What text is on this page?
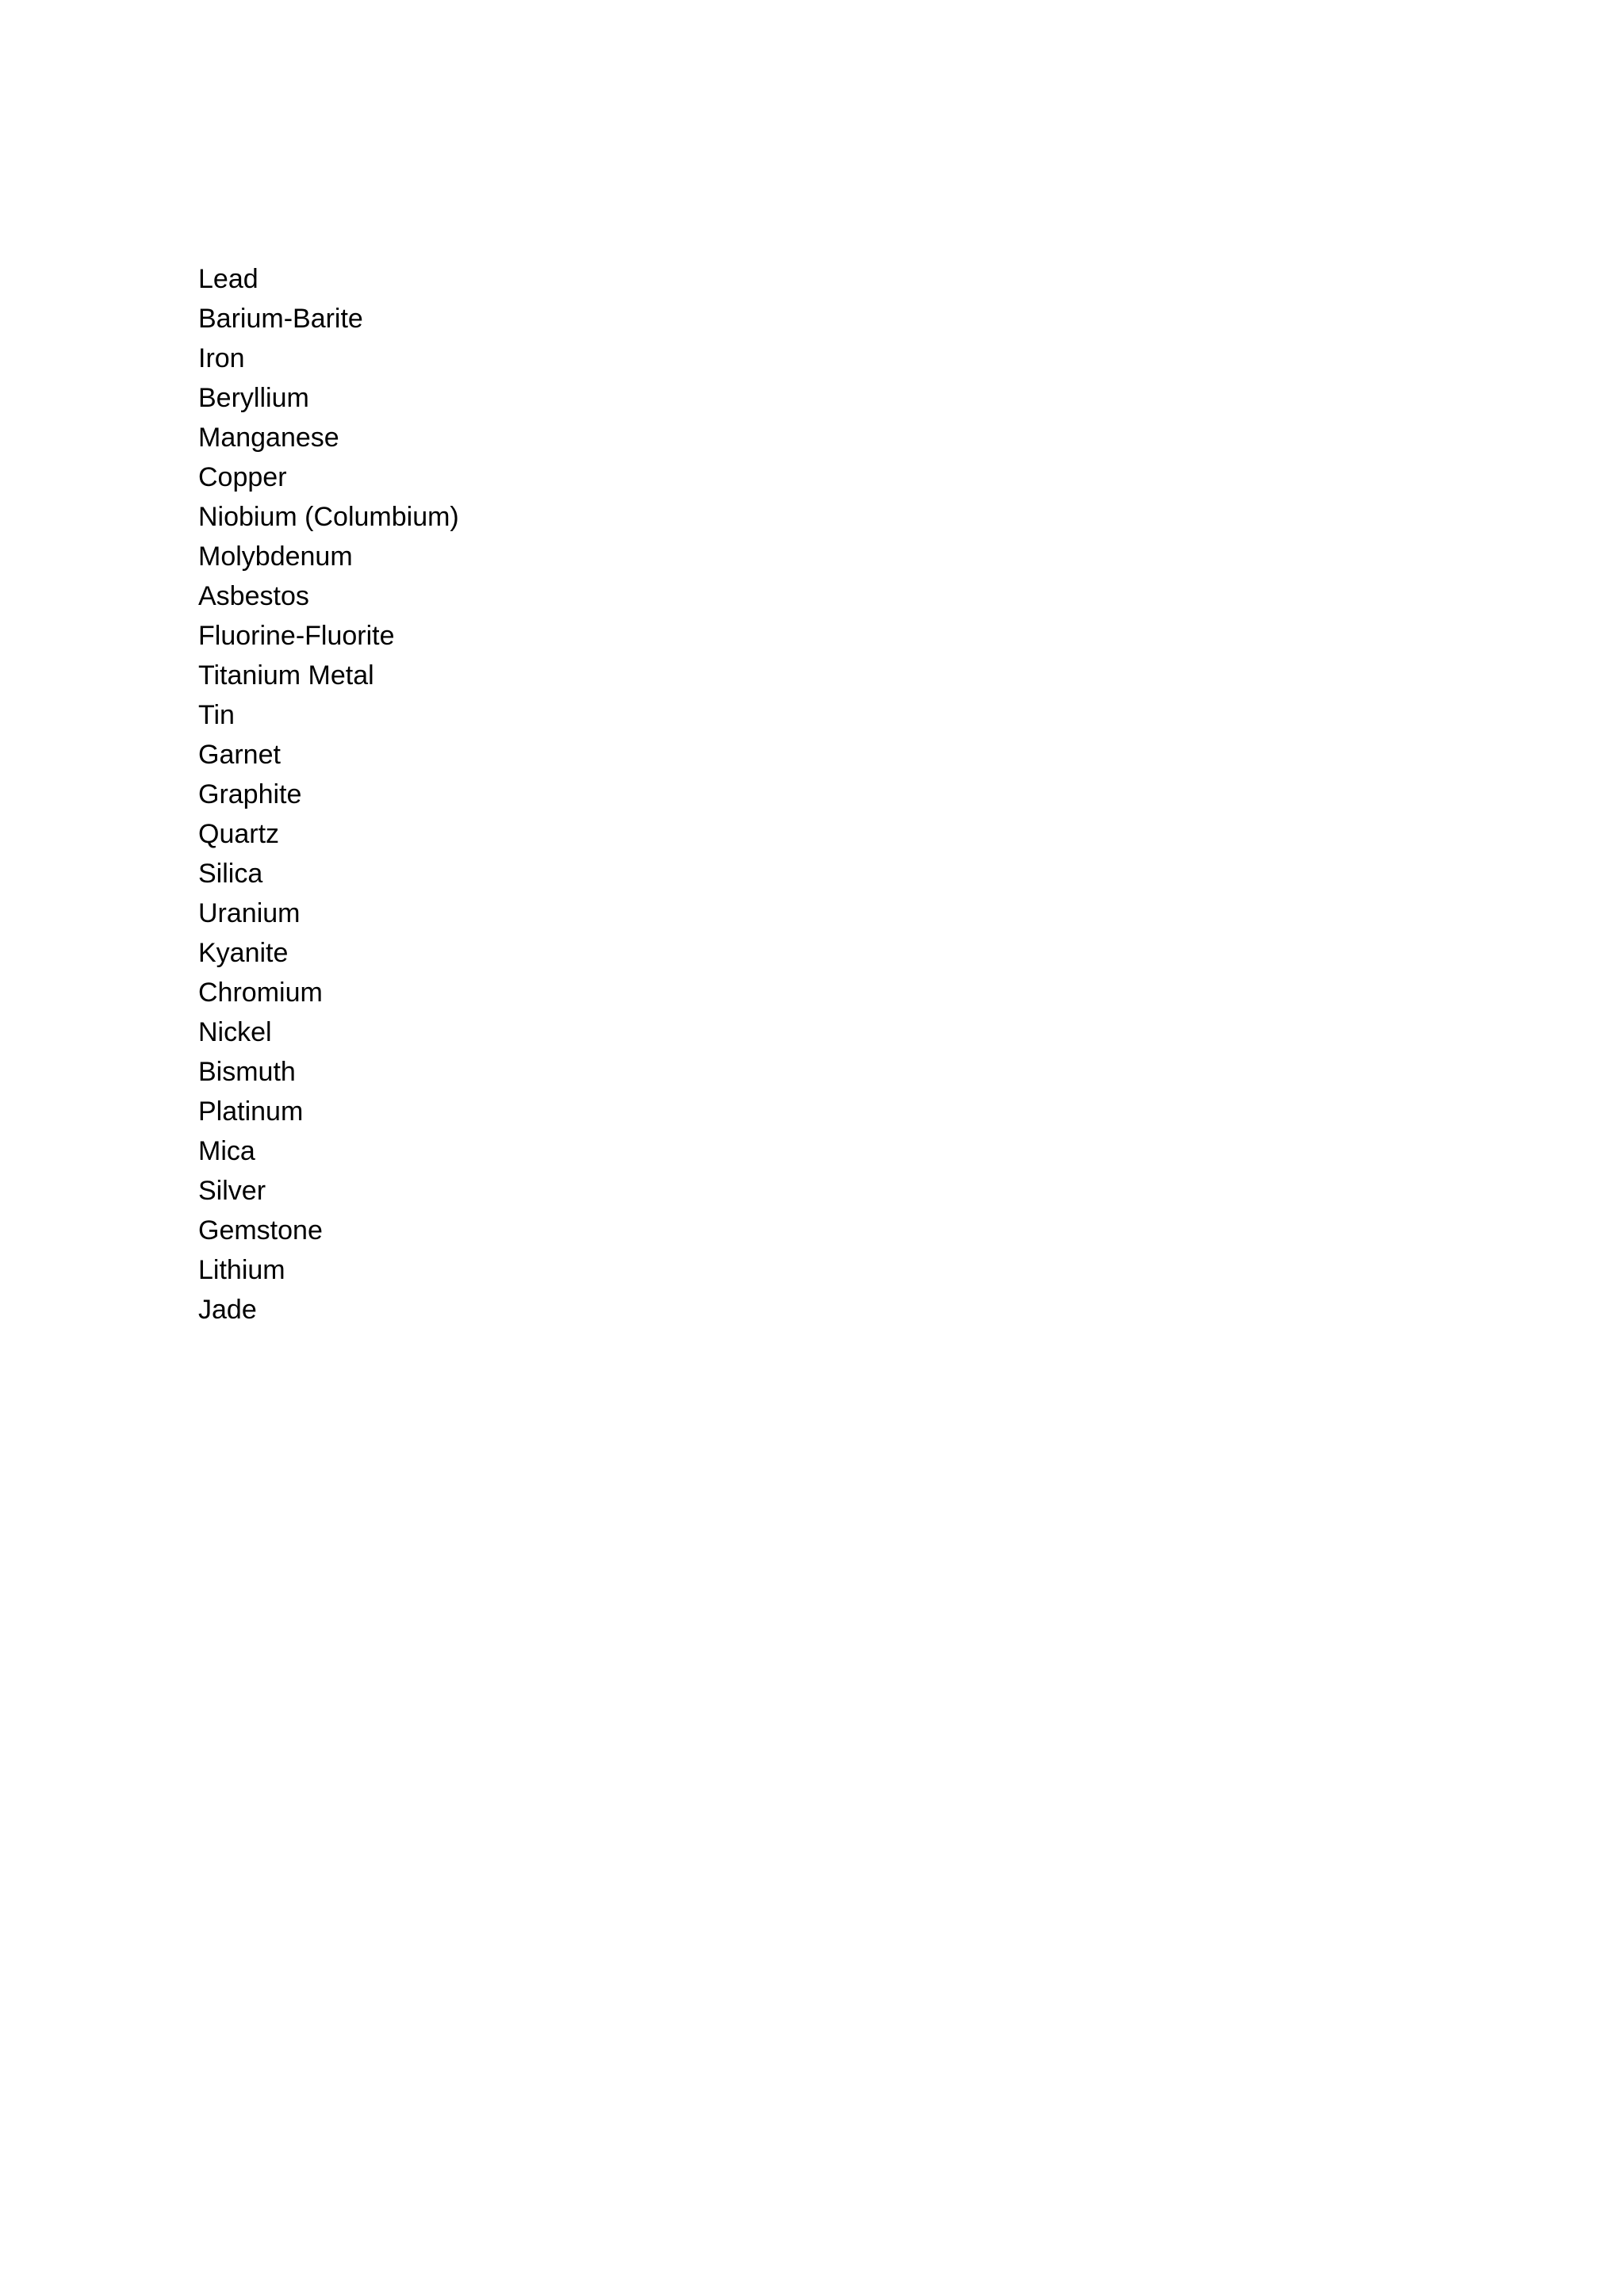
Lead
Barium-Barite
Iron
Beryllium
Manganese
Copper
Niobium (Columbium)
Molybdenum
Asbestos
Fluorine-Fluorite
Titanium Metal
Tin
Garnet
Graphite
Quartz
Silica
Uranium
Kyanite
Chromium
Nickel
Bismuth
Platinum
Mica
Silver
Gemstone
Lithium
Jade
